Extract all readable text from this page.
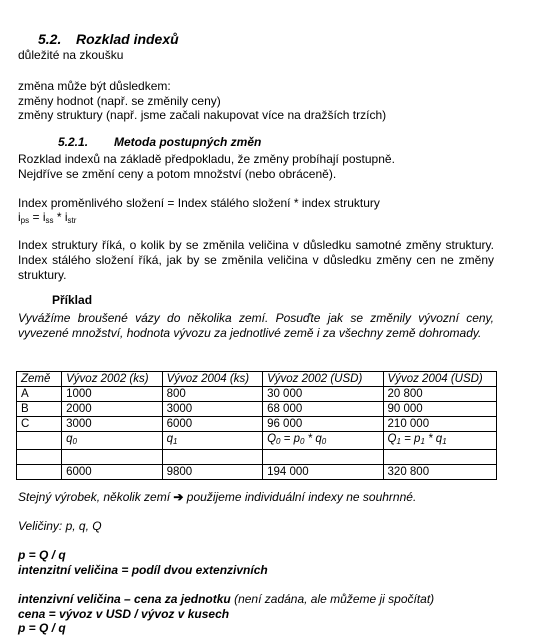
5.2. Rozklad indexů
důležité na zkoušku
změna může být důsledkem:
změny hodnot (např. se změnily ceny)
změny struktury (např. jsme začali nakupovat více na dražších trzích)
5.2.1. Metoda postupných změn
Rozklad indexů na základě předpokladu, že změny probíhají postupně.
Nejdříve se změní ceny a potom množství (nebo obráceně).
Index proměnlivého složení = Index stálého složení * index struktury
$i_{ps} = i_{ss} * i_{str}$
Index struktury říká, o kolik by se změnila veličina v důsledku samotné změny struktury. Index stálého složení říká, jak by se změnila veličina v důsledku změny cen ne změny struktury.
Příklad
Vyvážíme broušené vázy do několika zemí. Posuďte jak se změnily vývozní ceny, vyvezené množství, hodnota vývozu za jednotlivé země i za všechny země dohromady.
Země	Vývoz 2002 (ks)	Vývoz 2004 (ks)	Vývoz 2002 (USD)	Vývoz 2004 (USD)
A	1000	800	30 000	20 800
B	2000	3000	68 000	90 000
C	3000	6000	96 000	210 000
	$q_0$	$q_1$	$Q_0 = p_0 * q_0$	$Q_1 = p_1 * q_1$

	6000	9800	194 000	320 800
Stejný výrobek, několik zemí ➔ použijeme individuální indexy ne souhrnné.
Veličiny: p, q, Q
p = Q / q
intenzitní veličina = podíl dvou extenzivních
intenzivní veličina – cena za jednotku (není zadána, ale můžeme ji spočítat)
cena = vývoz v USD / vývoz v kusech
p = Q / q
